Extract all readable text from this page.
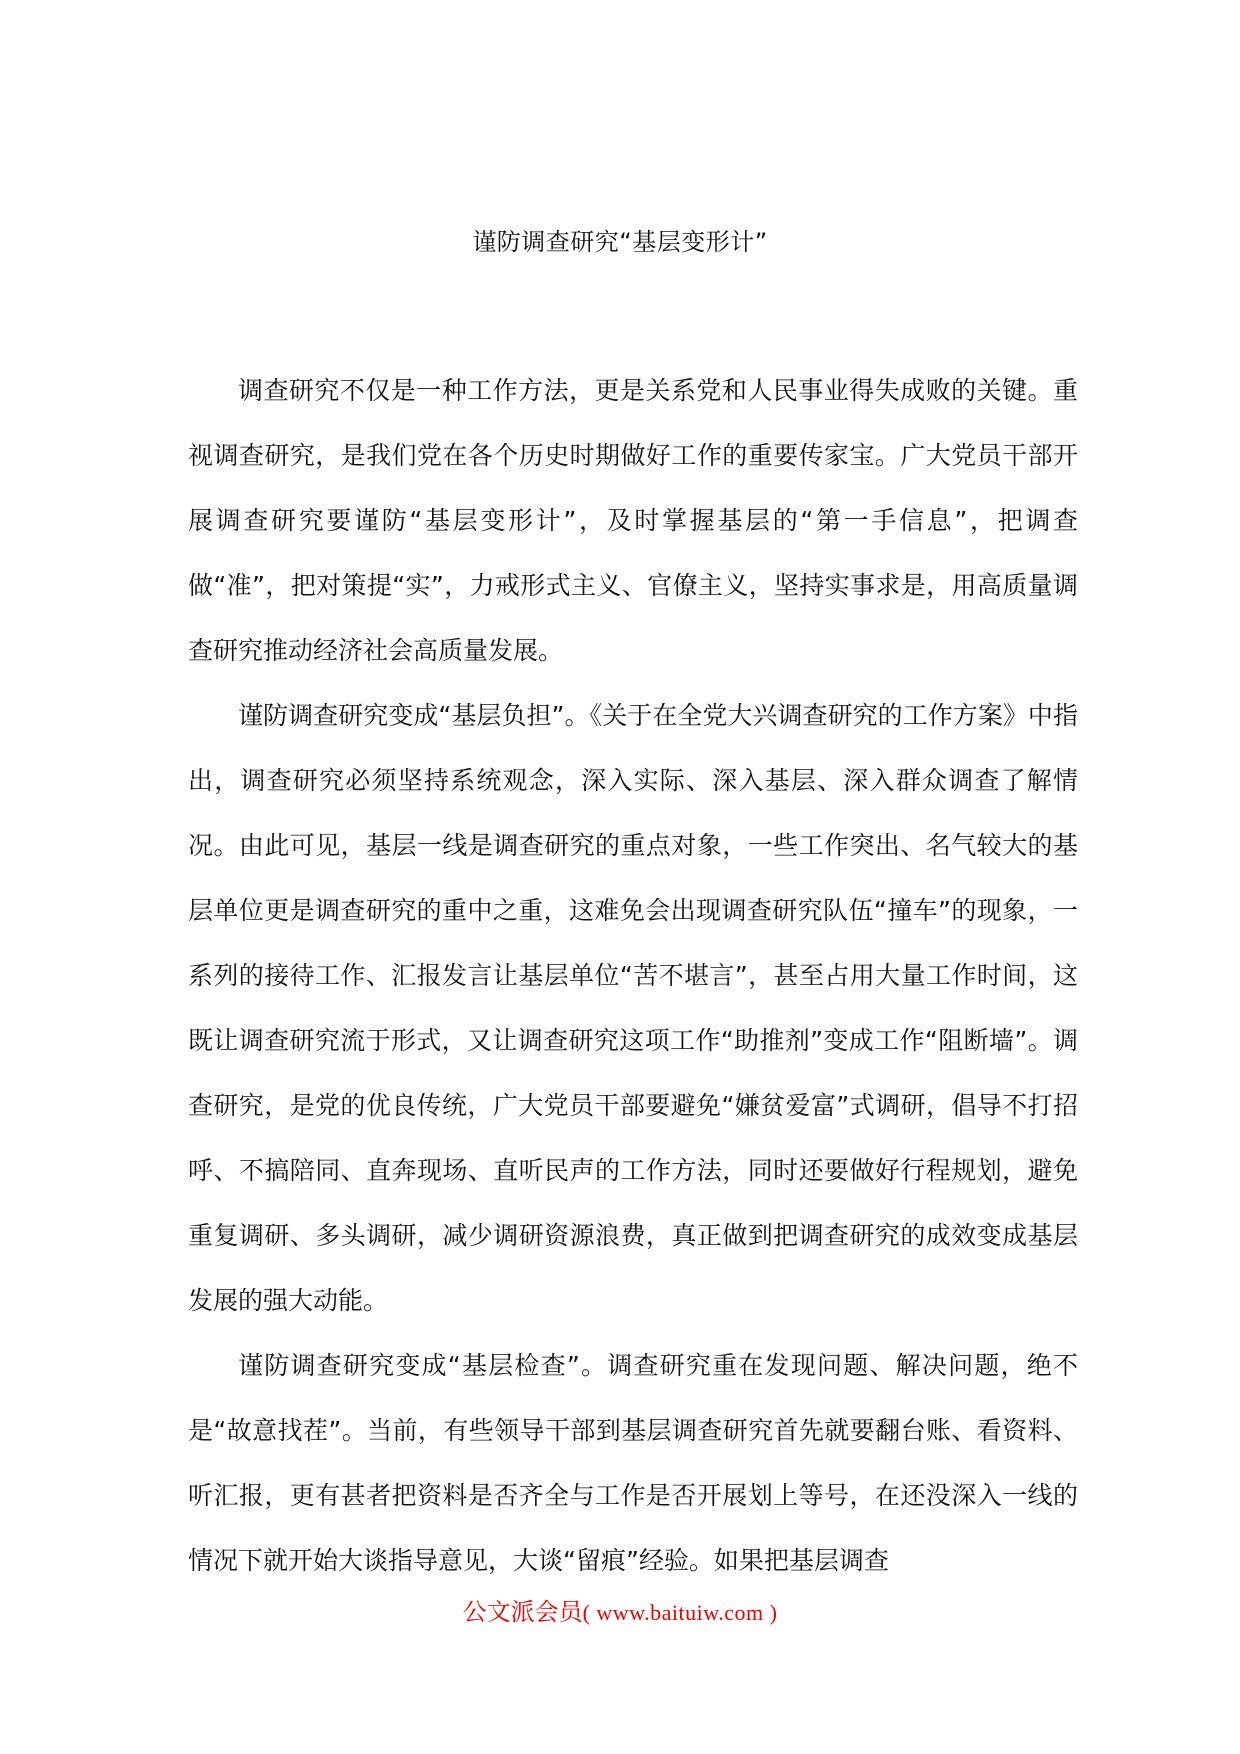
谨防调查研究“基层变形计”

调查研究不仅是一种工作方法，更是关系党和人民事业得失成败的关键。重视调查研究，是我们党在各个历史时期做好工作的重要传家宝。广大党员干部开展调查研究要谨防“基层变形计”，及时掌握基层的“第一手信息”，把调查做“准”，把对策提“实”，力戒形式主义、官僚主义，坚持实事求是，用高质量调查研究推动经济社会高质量发展。

谨防调查研究变成“基层负担”。《关于在全党大兴调查研究的工作方案》中指出，调查研究必须坚持系统观念，深入实际、深入基层、深入群众调查了解情况。由此可见，基层一线是调查研究的重点对象，一些工作突出、名气较大的基层单位更是调查研究的重中之重，这难免会出现调查研究队伍“撞车”的现象，一系列的接待工作、汇报发言让基层单位“苦不堪言”，甚至占用大量工作时间，这既让调查研究流于形式，又让调查研究这项工作“助推剂”变成工作“阻断墙”。调查研究，是党的优良传统，广大党员干部要避免“嫌贫爱富”式调研，倡导不打招呼、不搞陪同、直奔现场、直听民声的工作方法，同时还要做好行程规划，避免重复调研、多头调研，减少调研资源浪费，真正做到把调查研究的成效变成基层发展的强大动能。

谨防调查研究变成“基层检查”。调查研究重在发现问题、解决问题，绝不是“故意找茬”。当前，有些领导干部到基层调查研究首先就要翻台账、看资料、听汇报，更有甚者把资料是否齐全与工作是否开展划上等号，在还没深入一线的情况下就开始大谈指导意见，大谈“留痕”经验。如果把基层调查

公文派会员( www.baituiw.com )
